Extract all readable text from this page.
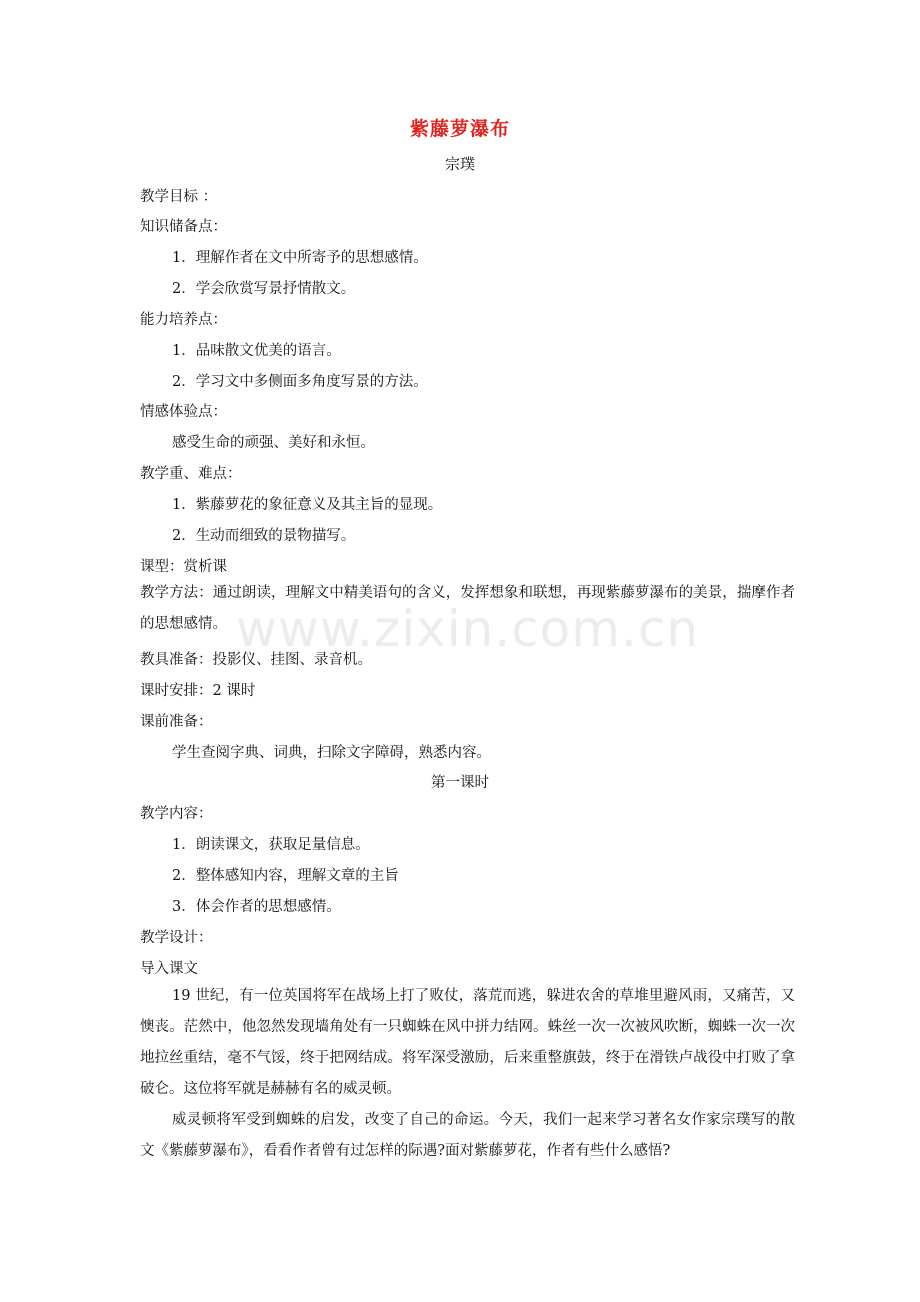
紫藤萝瀑布
宗璞
教学目标 ：
知识储备点：
1．理解作者在文中所寄予的思想感情。
2．学会欣赏写景抒情散文。
能力培养点：
1．品味散文优美的语言。
2．学习文中多侧面多角度写景的方法。
情感体验点：
感受生命的顽强、美好和永恒。
教学重、难点：
1．紫藤萝花的象征意义及其主旨的显现。
2．生动而细致的景物描写。
课型：赏析课
教学方法：通过朗读，理解文中精美语句的含义，发挥想象和联想，再现紫藤萝瀑布的美景，揣摩作者的思想感情。
教具准备：投影仪、挂图、录音机。
课时安排：2 课时
课前准备：
学生查阅字典、词典，扫除文字障碍，熟悉内容。
第一课时
教学内容：
1．朗读课文，获取足量信息。
2．整体感知内容，理解文章的主旨
3．体会作者的思想感情。
教学设计：
导入课文
19 世纪，有一位英国将军在战场上打了败仗，落荒而逃，躲进农舍的草堆里避风雨，又痛苦，又懊丧。茫然中，他忽然发现墙角处有一只蜘蛛在风中拼力结网。蛛丝一次一次被风吹断，蜘蛛一次一次地拉丝重结，毫不气馁，终于把网结成。将军深受激励，后来重整旗鼓，终于在滑铁卢战役中打败了拿破仑。这位将军就是赫赫有名的威灵顿。
威灵顿将军受到蜘蛛的启发，改变了自己的命运。今天，我们一起来学习著名女作家宗璞写的散文《紫藤萝瀑布》，看看作者曾有过怎样的际遇?面对紫藤萝花，作者有些什么感悟?
www.zixin.com.cn
